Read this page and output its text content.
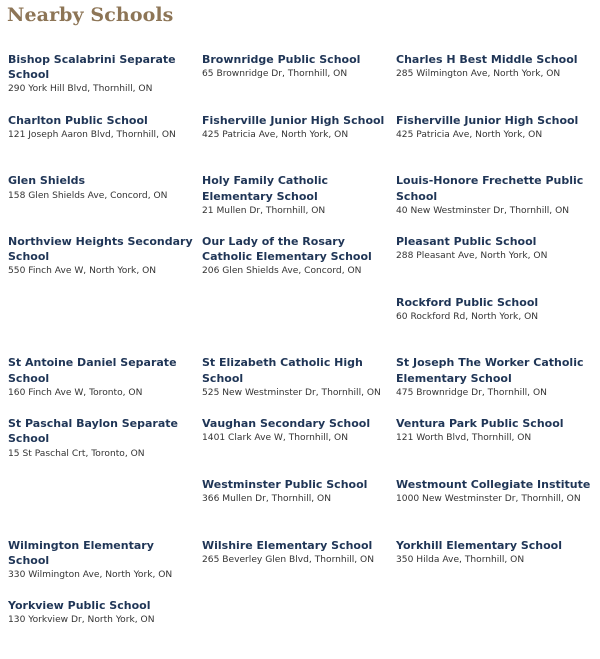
Nearby Schools
Bishop Scalabrini Separate School
290 York Hill Blvd, Thornhill, ON
Brownridge Public School
65 Brownridge Dr, Thornhill, ON
Charles H Best Middle School
285 Wilmington Ave, North York, ON
Charlton Public School
121 Joseph Aaron Blvd, Thornhill, ON
Fisherville Junior High School
425 Patricia Ave, North York, ON
Fisherville Junior High School
425 Patricia Ave, North York, ON
Glen Shields
158 Glen Shields Ave, Concord, ON
Holy Family Catholic Elementary School
21 Mullen Dr, Thornhill, ON
Louis-Honore Frechette Public School
40 New Westminster Dr, Thornhill, ON
Northview Heights Secondary School
550 Finch Ave W, North York, ON
Our Lady of the Rosary Catholic Elementary School
206 Glen Shields Ave, Concord, ON
Pleasant Public School
288 Pleasant Ave, North York, ON
Rockford Public School
60 Rockford Rd, North York, ON
St Antoine Daniel Separate School
160 Finch Ave W, Toronto, ON
St Elizabeth Catholic High School
525 New Westminster Dr, Thornhill, ON
St Joseph The Worker Catholic Elementary School
475 Brownridge Dr, Thornhill, ON
St Paschal Baylon Separate School
15 St Paschal Crt, Toronto, ON
Vaughan Secondary School
1401 Clark Ave W, Thornhill, ON
Ventura Park Public School
121 Worth Blvd, Thornhill, ON
Westminster Public School
366 Mullen Dr, Thornhill, ON
Westmount Collegiate Institute
1000 New Westminster Dr, Thornhill, ON
Wilmington Elementary School
330 Wilmington Ave, North York, ON
Wilshire Elementary School
265 Beverley Glen Blvd, Thornhill, ON
Yorkhill Elementary School
350 Hilda Ave, Thornhill, ON
Yorkview Public School
130 Yorkview Dr, North York, ON
